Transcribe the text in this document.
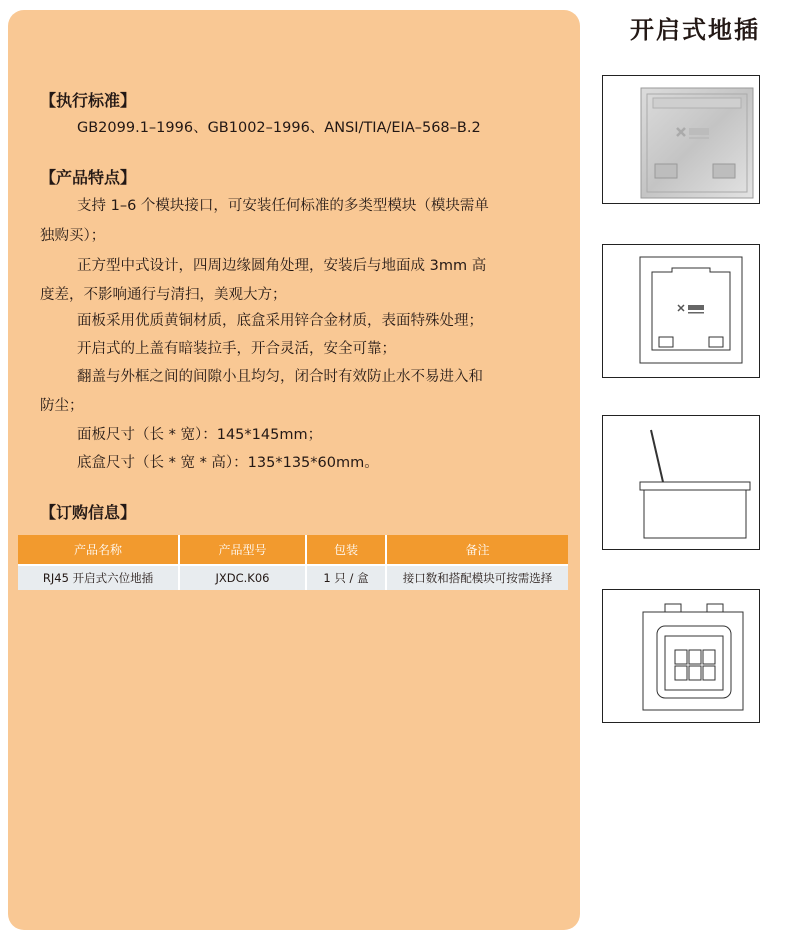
【执行标准】
GB2099.1–1996、GB1002–1996、ANSI/TIA/EIA–568–B.2
【产品特点】
支持 1–6 个模块接口，可安装任何标准的多类型模块（模块需单
独购买）；
正方型中式设计，四周边缘圆角处理，安装后与地面成 3mm 高
度差，不影响通行与清扫，美观大方；
面板采用优质黄铜材质，底盒采用锌合金材质，表面特殊处理；
开启式的上盖有暗装拉手，开合灵活，安全可靠；
翻盖与外框之间的间隙小且均匀，闭合时有效防止水不易进入和
防尘；
面板尺寸（长 * 宽）：145*145mm；
底盒尺寸（长 * 宽 * 高）：135*135*60mm。
【订购信息】
产品名称	产品型号	包装	备注
RJ45 开启式六位地插	JXDC.K06	1 只 / 盒	接口数和搭配模块可按需选择
开启式地插
